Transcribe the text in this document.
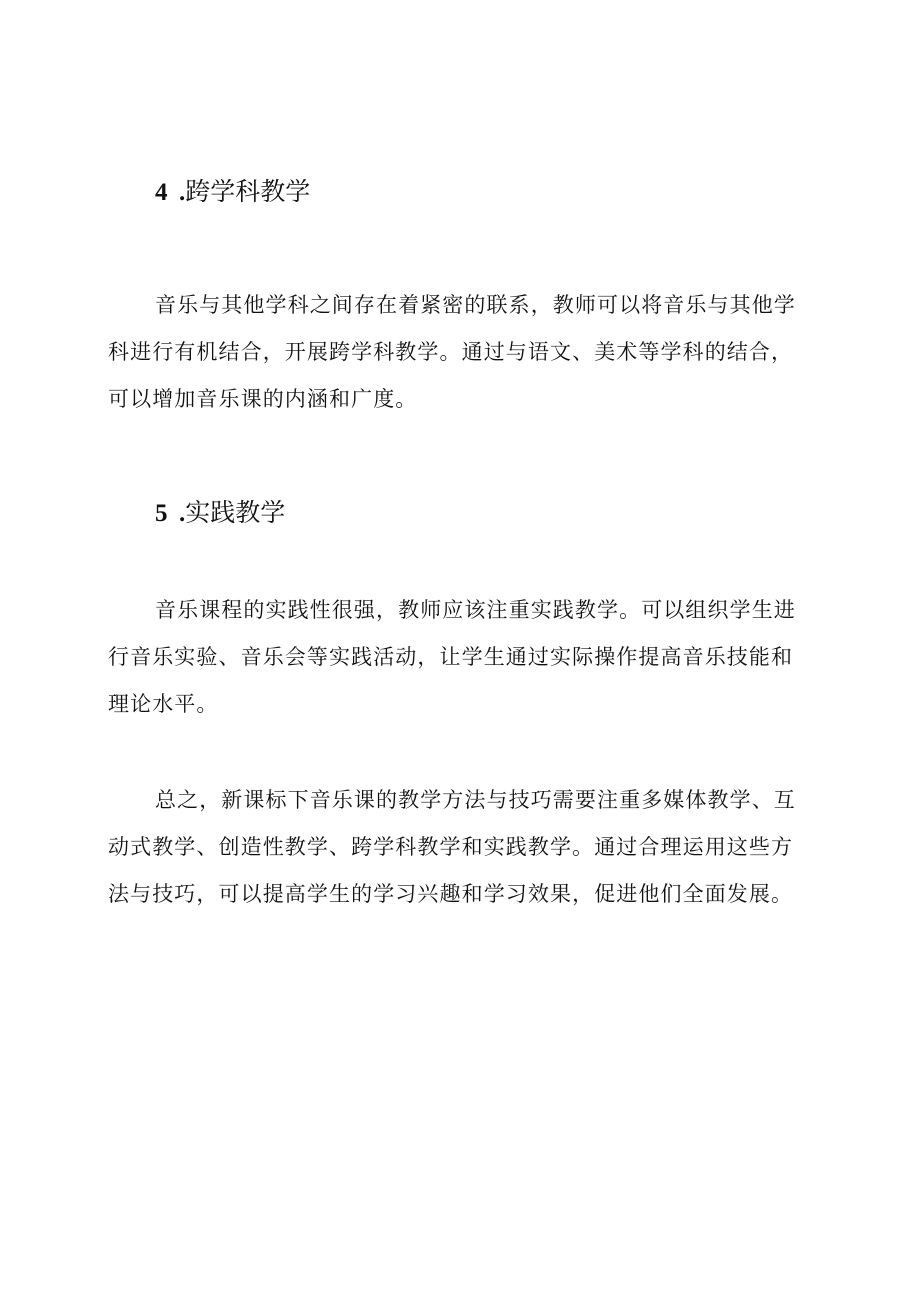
4 .跨学科教学

音乐与其他学科之间存在着紧密的联系，教师可以将音乐与其他学科进行有机结合，开展跨学科教学。通过与语文、美术等学科的结合，可以增加音乐课的内涵和广度。

5 .实践教学

音乐课程的实践性很强，教师应该注重实践教学。可以组织学生进行音乐实验、音乐会等实践活动，让学生通过实际操作提高音乐技能和理论水平。

总之，新课标下音乐课的教学方法与技巧需要注重多媒体教学、互动式教学、创造性教学、跨学科教学和实践教学。通过合理运用这些方法与技巧，可以提高学生的学习兴趣和学习效果，促进他们全面发展。
